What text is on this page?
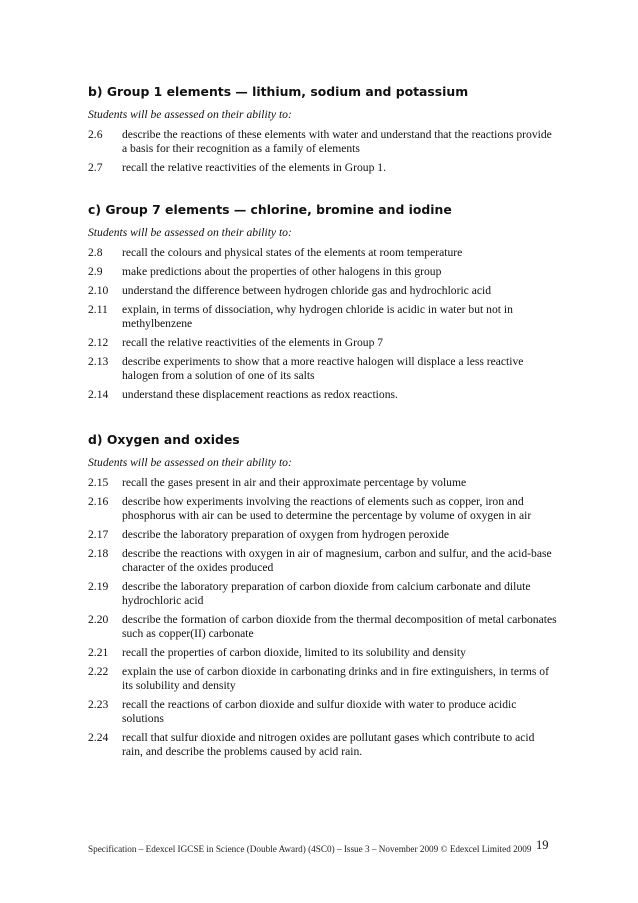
b) Group 1 elements — lithium, sodium and potassium
Students will be assessed on their ability to:
2.6	describe the reactions of these elements with water and understand that the reactions provide a basis for their recognition as a family of elements
2.7	recall the relative reactivities of the elements in Group 1.
c) Group 7 elements — chlorine, bromine and iodine
Students will be assessed on their ability to:
2.8	recall the colours and physical states of the elements at room temperature
2.9	make predictions about the properties of other halogens in this group
2.10	understand the difference between hydrogen chloride gas and hydrochloric acid
2.11	explain, in terms of dissociation, why hydrogen chloride is acidic in water but not in methylbenzene
2.12	recall the relative reactivities of the elements in Group 7
2.13	describe experiments to show that a more reactive halogen will displace a less reactive halogen from a solution of one of its salts
2.14	understand these displacement reactions as redox reactions.
d) Oxygen and oxides
Students will be assessed on their ability to:
2.15	recall the gases present in air and their approximate percentage by volume
2.16	describe how experiments involving the reactions of elements such as copper, iron and phosphorus with air can be used to determine the percentage by volume of oxygen in air
2.17	describe the laboratory preparation of oxygen from hydrogen peroxide
2.18	describe the reactions with oxygen in air of magnesium, carbon and sulfur, and the acid-base character of the oxides produced
2.19	describe the laboratory preparation of carbon dioxide from calcium carbonate and dilute hydrochloric acid
2.20	describe the formation of carbon dioxide from the thermal decomposition of metal carbonates such as copper(II) carbonate
2.21	recall the properties of carbon dioxide, limited to its solubility and density
2.22	explain the use of carbon dioxide in carbonating drinks and in fire extinguishers, in terms of its solubility and density
2.23	recall the reactions of carbon dioxide and sulfur dioxide with water to produce acidic solutions
2.24	recall that sulfur dioxide and nitrogen oxides are pollutant gases which contribute to acid rain, and describe the problems caused by acid rain.
Specification – Edexcel IGCSE in Science (Double Award) (4SC0) – Issue 3 – November 2009 © Edexcel Limited 2009 19
